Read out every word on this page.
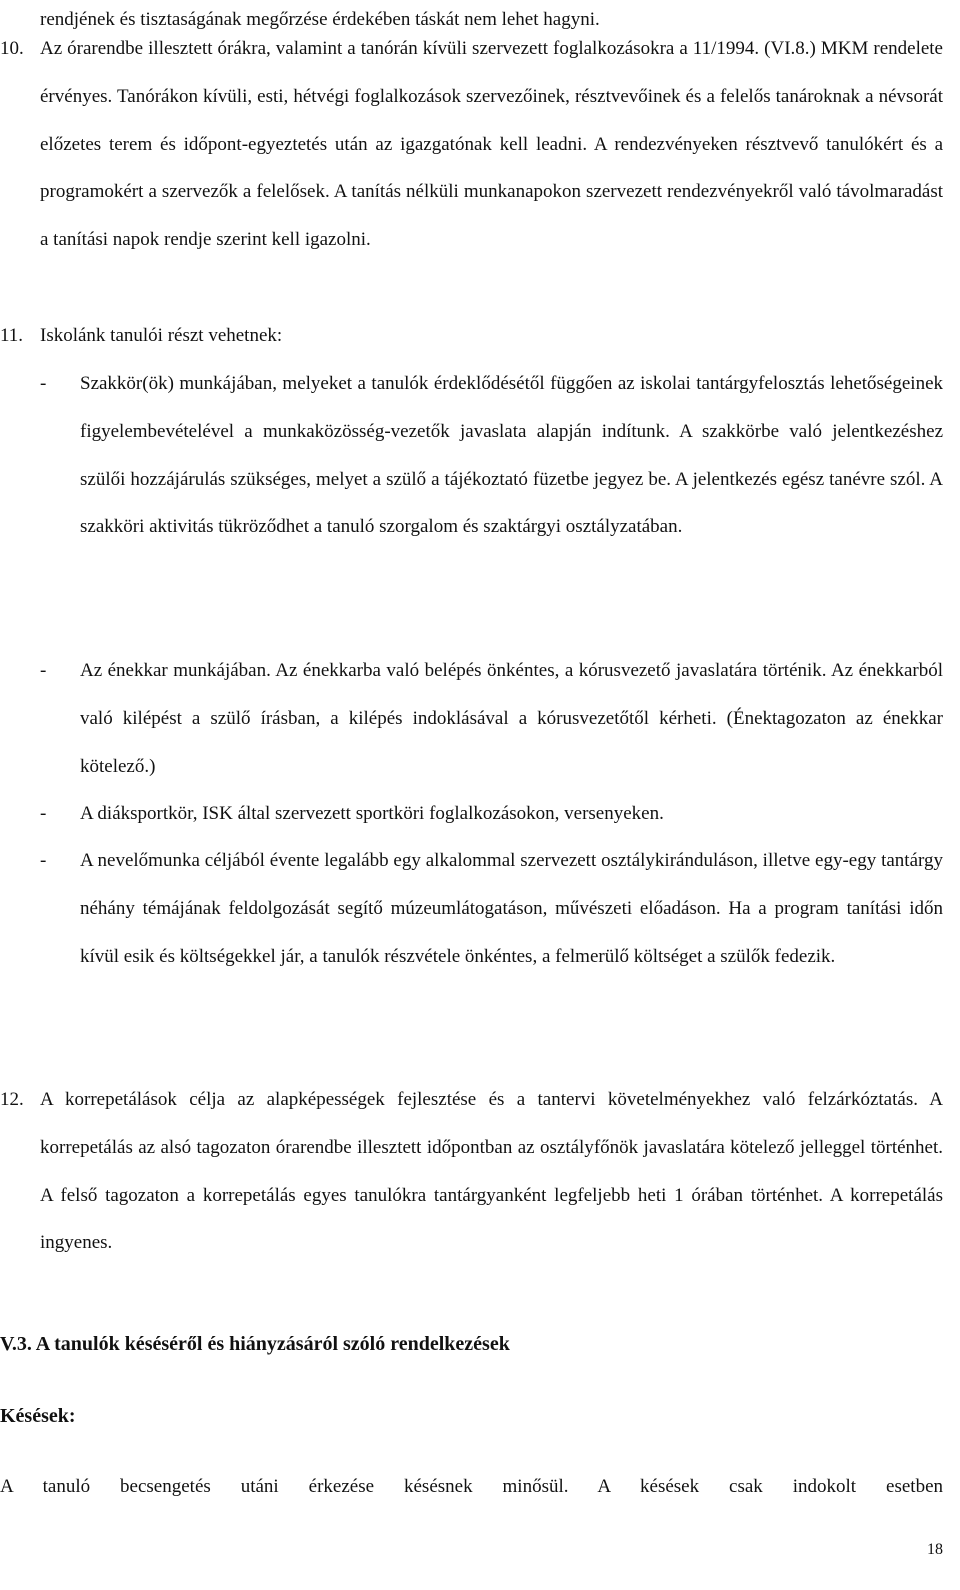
rendjének és tisztaságának megőrzése érdekében táskát nem lehet hagyni.

10. Az órarendbe illesztett órákra, valamint a tanórán kívüli szervezett foglalkozásokra a 11/1994. (VI.8.) MKM rendelete érvényes. Tanórákon kívüli, esti, hétvégi foglalkozások szervezőinek, résztvevőinek és a felelős tanároknak a névsorát előzetes terem és időpont-egyeztetés után az igazgatónak kell leadni. A rendezvényeken résztvevő tanulókért és a programokért a szervezők a felelősek. A tanítás nélküli munkanapokon szervezett rendezvényekről való távolmaradást a tanítási napok rendje szerint kell igazolni.

11. Iskolánk tanulói részt vehetnek:

- Szakkör(ök) munkájában, melyeket a tanulók érdeklődésétől függően az iskolai tantárgyfelosztás lehetőségeinek figyelembevételével a munkaközösség-vezetők javaslata alapján indítunk. A szakkörbe való jelentkezéshez szülői hozzájárulás szükséges, melyet a szülő a tájékoztató füzetbe jegyez be. A jelentkezés egész tanévre szól. A szakköri aktivitás tükröződhet a tanuló szorgalom és szaktárgyi osztályzatában.
- Az énekkar munkájában. Az énekkarba való belépés önkéntes, a kórusvezető javaslatára történik. Az énekkarból való kilépést a szülő írásban, a kilépés indoklásával a kórusvezetőtől kérheti. (Énektagozaton az énekkar kötelező.)
- A diáksportkör, ISK által szervezett sportköri foglalkozásokon, versenyeken.
- A nevelőmunka céljából évente legalább egy alkalommal szervezett osztálykiránduláson, illetve egy-egy tantárgy néhány témájának feldolgozását segítő múzeumlátogatáson, művészeti előadáson. Ha a program tanítási időn kívül esik és költségekkel jár, a tanulók részvétele önkéntes, a felmerülő költséget a szülők fedezik.
12. A korrepetálások célja az alapképességek fejlesztése és a tantervi követelményekhez való felzárkóztatás. A korrepetálás az alsó tagozaton órarendbe illesztett időpontban az osztályfőnök javaslatára kötelező jelleggel történhet. A felső tagozaton a korrepetálás egyes tanulókra tantárgyanként legfeljebb heti 1 órában történhet. A korrepetálás ingyenes.

V.3. A tanulók késéséről és hiányzásáról szóló rendelkezések
Késések:

A tanuló becsengetés utáni érkezése késésnek minősül. A késések csak indokolt esetben

18
